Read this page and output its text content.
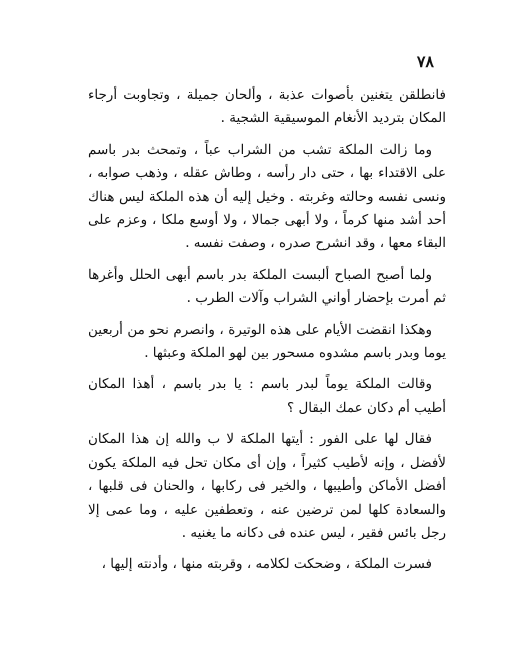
٧٨

فانطلقن يتغنين بأصوات عذبة ، وألحان جميلة ، وتجاوبت أرجاء المكان بترديد الأنغام الموسيقية الشجية .

وما زالت الملكة تشب من الشراب عباً ، وتمحث بدر باسم على الاقتداء بها ، حتى دار رأسه ، وطاش عقله ، وذهب صوابه ، ونسى نفسه وحالته وغربته . وخيل إليه أن هذه الملكة ليس هناك أحد أشد منها كرماً ، ولا أبهى جمالا ، ولا أوسع ملكا ، وعزم على البقاء معها ، وقد انشرح صدره ، وصفت نفسه .

ولما أصبح الصباح ألبست الملكة بدر باسم أبهى الحلل وأغرها ثم أمرت بإحضار أواني الشراب وآلات الطرب .

وهكذا انقضت الأيام على هذه الوتيرة ، وانصرم نحو من أربعين يوما وبدر باسم مشدوه مسحور بين لهو الملكة وعبثها .

وقالت الملكة يوماً لبدر باسم : يا بدر باسم ، أهذا المكان أطيب أم دكان عمك البقال ؟

فقال لها على الفور : أيتها الملكة لا ب والله إن هذا المكان لأفضل ، وإنه لأطيب كثيراً ، وإن أى مكان تحل فيه الملكة يكون أفضل الأماكن وأطيبها ، والخير فى ركابها ، والحنان فى قلبها ، والسعادة كلها لمن ترضين عنه ، وتعطفين عليه ، وما عمى إلا رجل بائس فقير ، ليس عنده فى دكانه ما يغنيه .

فسرت الملكة ، وضحكت لكلامه ، وقربته منها ، وأدنته إليها ،
